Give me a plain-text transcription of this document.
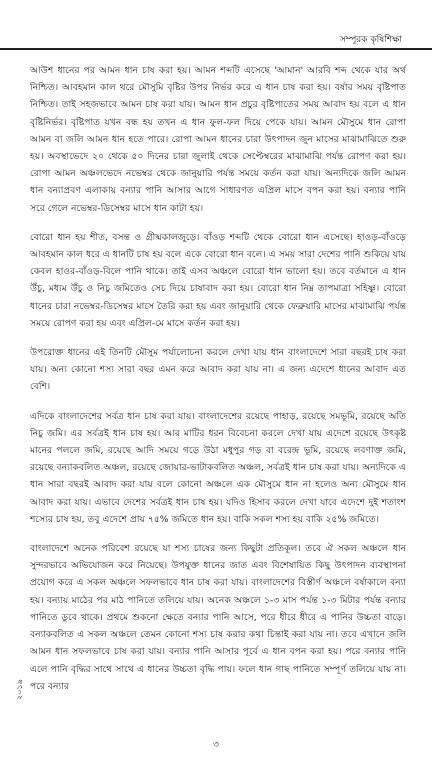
সম্পূরক কৃষিশিক্ষা

আউশ ধানের পর আমন ধান চাষ করা হয়। আমন শব্দটি এসেছে 'আমান' আরবি শব্দ থেকে যার অর্থ নিশ্চিত। আবহমান কাল থরে মৌসুমি বৃষ্টির উপর নির্ভর করে এ ধান চাষ করা হয়। বর্ষার সময় বৃষ্টিপাত নিশ্চিত। তাই সহজভাবে আমন চাষ করা যায়। আমন ধান প্রচুর বৃষ্টিপাতের সময় আবাদ হয় বলে এ ধান বৃষ্টিনির্ভর। বৃষ্টিপাত যখন বন্ধ হয় তখন এ ধান ফুল-ফল দিয়ে পেকে যায়। আমন মৌসুমে ধান রোপা আমন বা জলি আমন ধান হতে পারে। রোপা আমন ধানের চারা উৎপাদন জুন মাসের মাঝামাঝিতে শুরু হয়। অবস্থাভেদে ২০ থেকে ৫০ দিনের চারা জুলাই থেকে সেপ্টেম্বরের মাঝামাঝি পর্যন্ত রোপণ করা হয়। রোপা আমন অঞ্চলভেদে নভেম্বর থেকে জানুয়ারি পর্যন্ত সময়ে কর্তন করা যায়। অন্যদিকে জলি আমন ধান বন্যাপ্রবণ এলাকায় বন্যার পানি আসার আগে সাধারণত এপ্রিল মাসে বপন করা হয়। বন্যার পানি সরে গেলে নভেম্বর-ডিসেম্বর মাসে ধান কাটা হয়।

বোরো ধান হয় শীত, বসন্ত ও গ্রীষ্মকালজুড়ে। বাঁওড় শব্দটি থেকে বোরো ধান এসেছে। হাওড়-বাঁওড়ে আবহমান কাল ধরে এ ধানটি চাষ হয় বলে একে বোরো ধান বলে। এ সময় সারা দেশের পানি শুকিয়ে যায় কেবল হাওর-বাঁওড়-বিলে পানি থাকে। তাই এসব অঞ্চলে বোরো ধান ভালো হয়। তবে বর্তমানে এ ধান উঁচু, মধ্যম উঁচু ও নিচু জমিতেও সেচ দিয়ে চাষাবাদ করা হয়। বোরো ধান নিম্ন তাপমাত্রা সহিষ্ণু। বোরো ধানের চারা নভেম্বর-ডিসেম্বর মাসে তৈরি করা হয় এবং জানুয়ারি থেকে ফেব্রুয়ারি মাসের মাঝামাঝি পর্যন্ত সময়ে রোপণ করা হয় এবং এপ্রিল-মে মাসে কর্তন করা হয়।

উপরোক্ত ধানের এই তিনটি মৌসুম পর্যালোচনা করলে দেখা যায় ধান বাংলাদেশে সারা বছরই চাষ করা যায়। অন্য কোনো শস্য সারা বছর এমন করে আবাদ করা যায় না। এ জন্য এদেশে ধানের আবাদ এত বেশি।

এদিকে বাংলাদেশের সর্বত্র ধান চাষ করা যায়। বাংলাদেশের রয়েছে পাহাড়, রয়েছে সমভূমি, রয়েছে অতি নিচু জমি। এর সর্বত্রই ধান চাষ হয়। আর মাটির ধরন বিবেচনা করলে দেখা যায় এদেশে রয়েছে উৎকৃষ্ট মানের পললে জমি, রয়েছে আদি সময়ে গড়ে উঠা মধুপুর গড় বা বরেন্দ্র ভূমি, রয়েছে লবণাক্ত জমি, রয়েছে বন্যাকবলিত অঞ্চল, রয়েছে জোয়ার-ভাটাকবলিত অঞ্চল, সর্বত্রই ধান চাষ করা যায়। অন্যদিকে এ ধান সারা বছরই আবাদ করা যায় বলে কোনো অঞ্চলে এক মৌসুমে ধান না হলেও অন্য মৌসুমে ধান আবাদ করা যায়। এভাবে দেশের সর্বত্রই ধান চাষ হয়। যদিও হিসাব করলে দেখা যাবে এদেশে দুই শতাংশ শস্যের চাষ হয়, তবু এদেশে প্রায় ৭৫% জমিতে ধান হয়। বাকি সকল শস্য হয় বাকি ২৫% জমিতে।

বাংলাদেশে অনেক পরিবেশ রয়েছে যা শস্য চাষের জন্য কিছুটা প্রতিকূল। তবে ঐ সকল অঞ্চলে ধান সুন্দরভাবে অভিযোজন করে নিয়েছে। উপযুক্ত ধানের জাত এবং বিশেষায়িত কিছু উৎপাদন ব্যবস্থাপনা প্রয়োগ করে এ সকল অঞ্চলে সফলভাবে ধান চাষ করা যায়। বাংলাদেশের বিস্তীর্ণ অঞ্চলে বর্ষাকালে বন্যা হয়। বন্যায় মাঠের পর মাঠ পানিতে তলিয়ে যায়। অনেক অঞ্চলে ১-৩ মাস পর্যন্ত ১-৩ মিটার পর্যন্ত বন্যার পানিতে ডুবে থাকে। প্রথমে শুকনো ক্ষেতে বন্যার পানি আসে, পরে ধীরে ধীরে এ পানির উচ্চতা বাড়ে। বন্যাকবলিত এ সকল অঞ্চলে তেমন কোনো শস্য চাষ করার কথা চিন্তাই করা যায় না। তবে এখানে জলি আমন ধান সফলভাবে চাষ করা যায়। বন্যার পানি আসার পূর্বে এ ধান বপন করা হয়। পরে বন্যার পানি এলে পানি বৃদ্ধির সাথে সাথে এ ধানের উচ্চতা বৃদ্ধি পায়। ফলে ধান গাছ পানিতে সম্পূর্ণ তলিয়ে যায় না। পরে বন্যার

২০১৯
৩
